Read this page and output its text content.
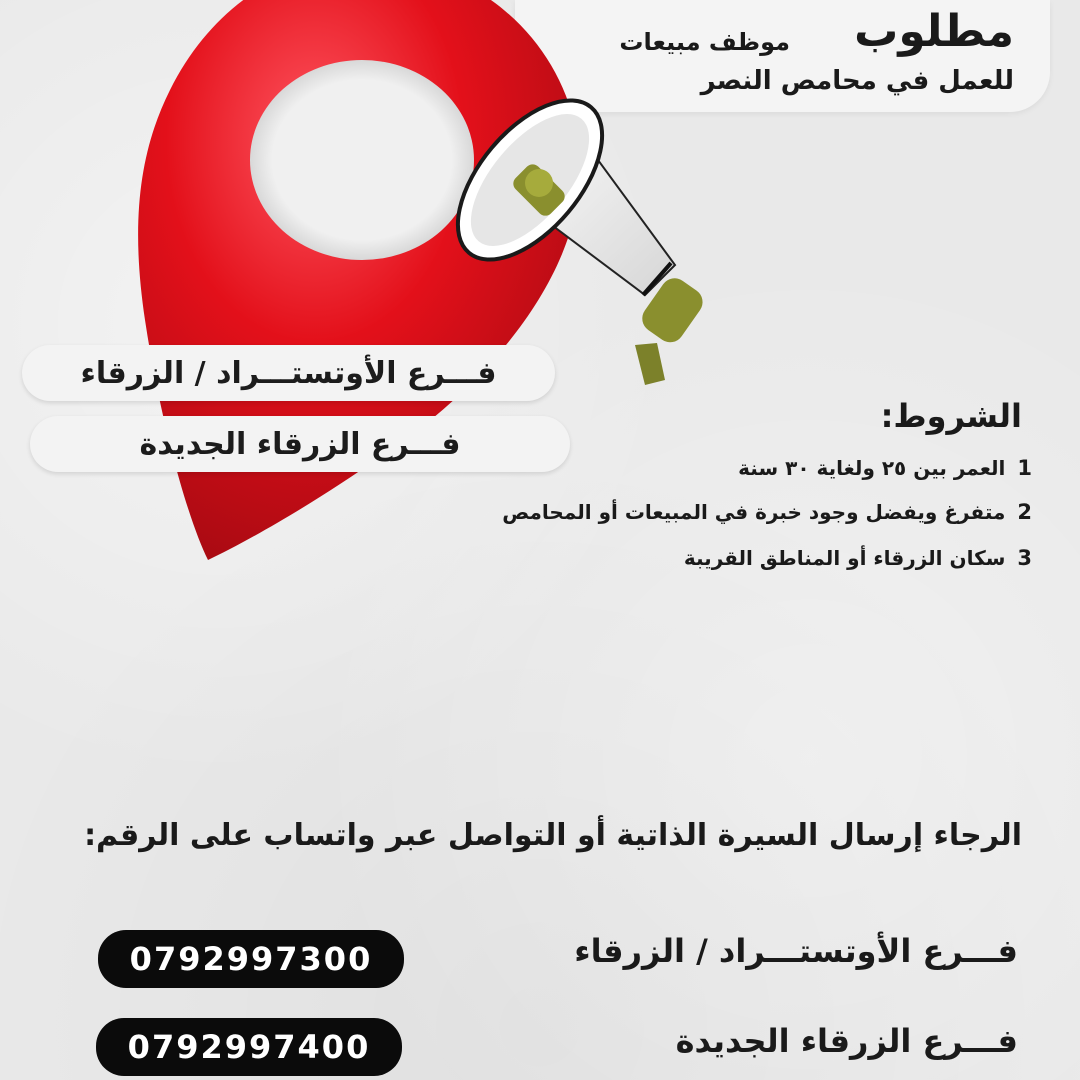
مطلوب
موظف مبيعات
للعمل في محامص النصر
فـــرع الأوتستـــراد / الزرقاء
فـــرع الزرقاء الجديدة
الشروط:
1
العمر بين ٢٥ ولغاية ٣٠ سنة
2
متفرغ ويفضل وجود خبرة في المبيعات أو المحامص
3
سكان الزرقاء أو المناطق القريبة
الرجاء إرسال السيرة الذاتية أو التواصل عبر واتساب على الرقم:
فـــرع الأوتستـــراد / الزرقاء
0792997300
فـــرع الزرقاء الجديدة
0792997400
